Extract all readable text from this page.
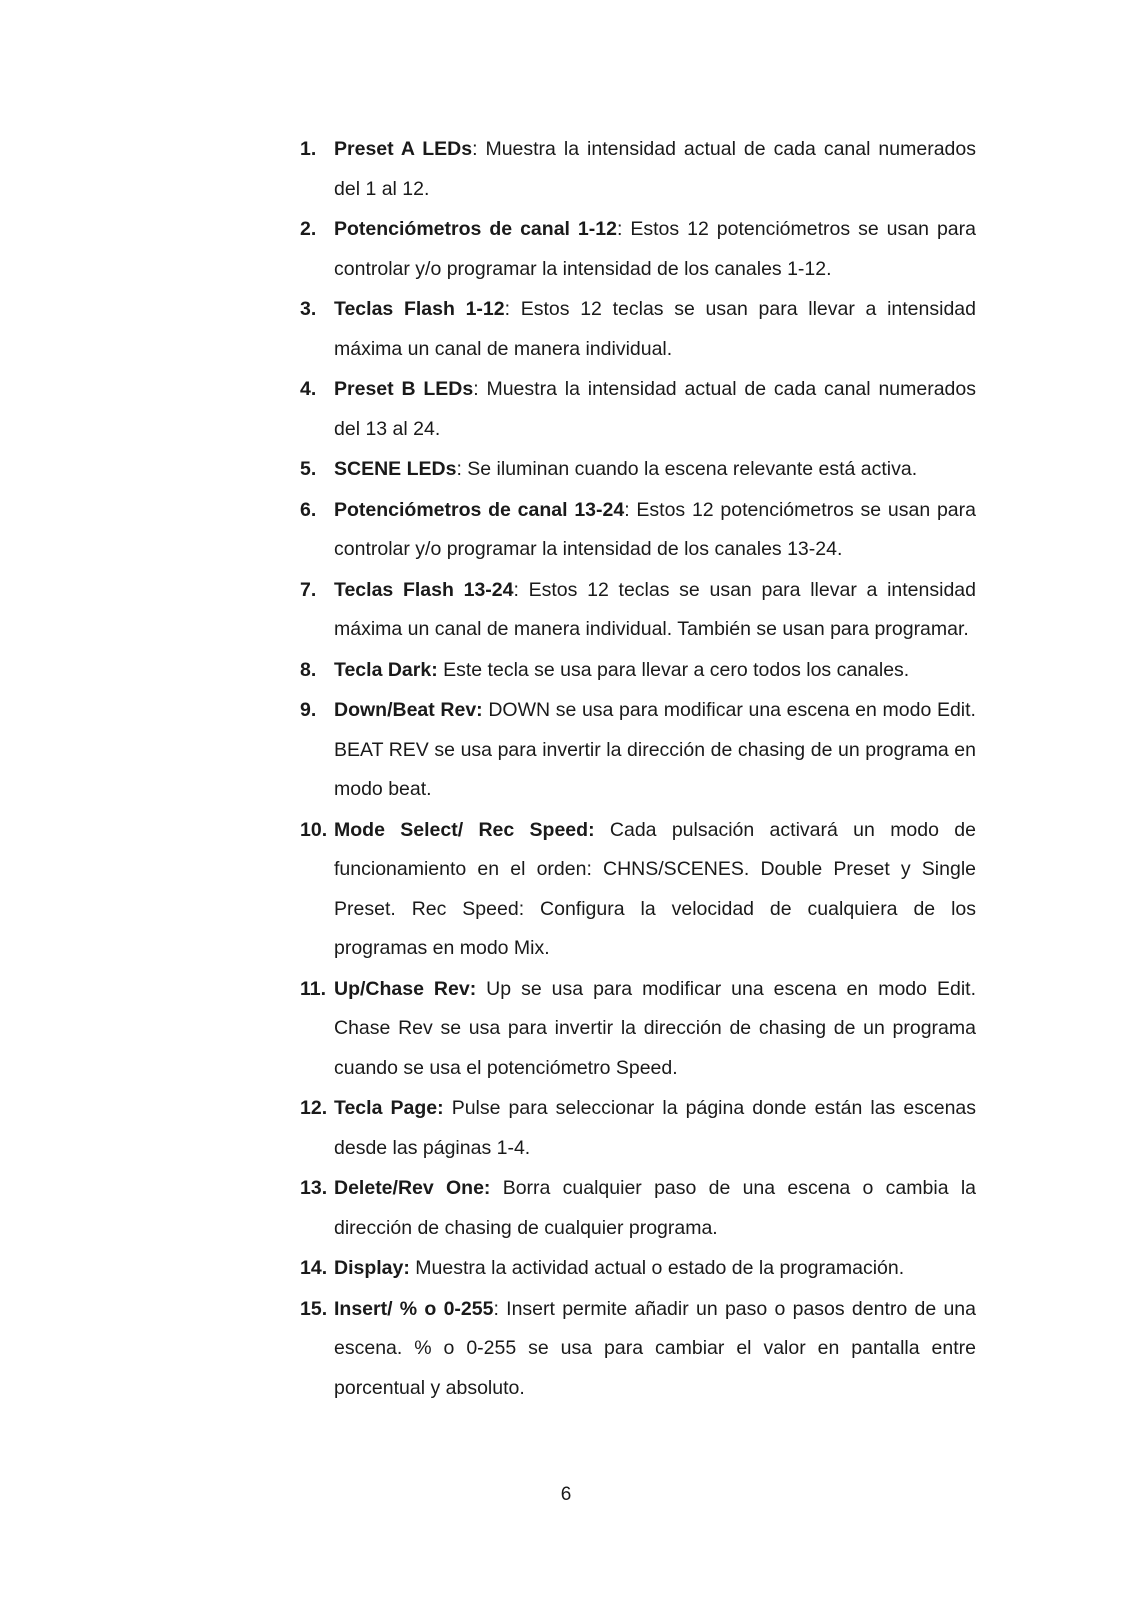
1. Preset A LEDs: Muestra la intensidad actual de cada canal numerados del 1 al 12.
2. Potenciómetros de canal 1-12: Estos 12 potenciómetros se usan para controlar y/o programar la intensidad de los canales 1-12.
3. Teclas Flash 1-12: Estos 12 teclas se usan para llevar a intensidad máxima un canal de manera individual.
4. Preset B LEDs: Muestra la intensidad actual de cada canal numerados del 13 al 24.
5. SCENE LEDs: Se iluminan cuando la escena relevante está activa.
6. Potenciómetros de canal 13-24: Estos 12 potenciómetros se usan para controlar y/o programar la intensidad de los canales 13-24.
7. Teclas Flash 13-24: Estos 12 teclas se usan para llevar a intensidad máxima un canal de manera individual. También se usan para programar.
8. Tecla Dark: Este tecla se usa para llevar a cero todos los canales.
9. Down/Beat Rev: DOWN se usa para modificar una escena en modo Edit. BEAT REV se usa para invertir la dirección de chasing de un programa en modo beat.
10. Mode Select/ Rec Speed: Cada pulsación activará un modo de funcionamiento en el orden: CHNS/SCENES. Double Preset y Single Preset. Rec Speed: Configura la velocidad de cualquiera de los programas en modo Mix.
11. Up/Chase Rev: Up se usa para modificar una escena en modo Edit. Chase Rev se usa para invertir la dirección de chasing de un programa cuando se usa el potenciómetro Speed.
12. Tecla Page: Pulse para seleccionar la página donde están las escenas desde las páginas 1-4.
13. Delete/Rev One: Borra cualquier paso de una escena o cambia la dirección de chasing de cualquier programa.
14. Display: Muestra la actividad actual o estado de la programación.
15. Insert/ % o 0-255: Insert permite añadir un paso o pasos dentro de una escena. % o 0-255 se usa para cambiar el valor en pantalla entre porcentual y absoluto.
6
